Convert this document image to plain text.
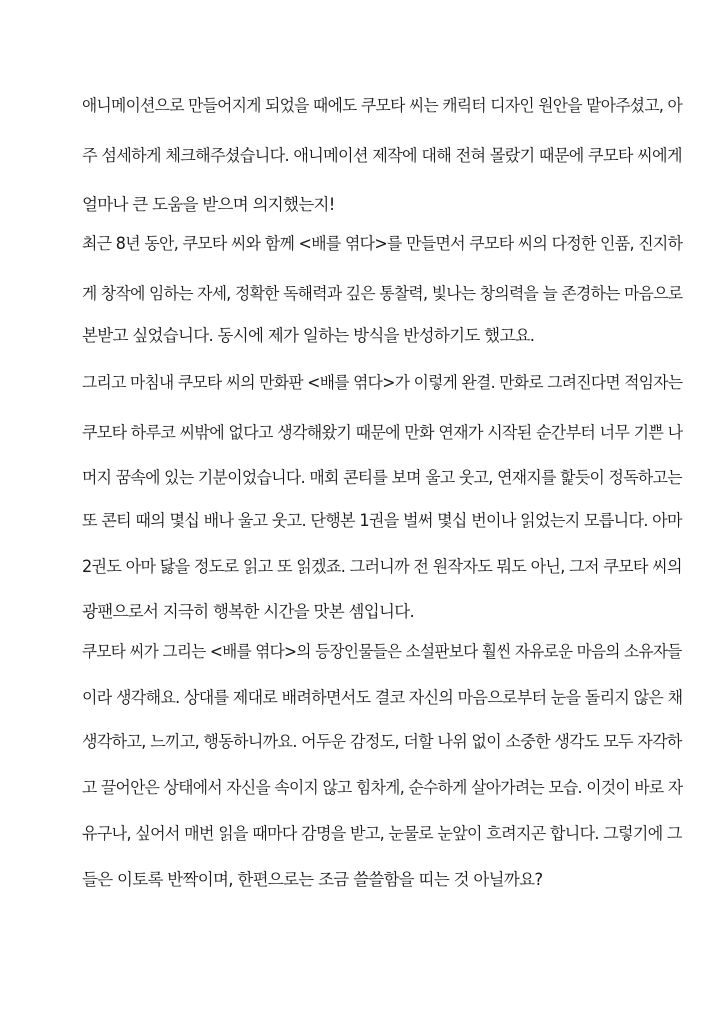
애니메이션으로 만들어지게 되었을 때에도 쿠모타 씨는 캐릭터 디자인 원안을 맡아주셨고, 아
주 섬세하게 체크해주셨습니다. 애니메이션 제작에 대해 전혀 몰랐기 때문에 쿠모타 씨에게
얼마나 큰 도움을 받으며 의지했는지!
최근 8년 동안, 쿠모타 씨와 함께 <배를 엮다>를 만들면서 쿠모타 씨의 다정한 인품, 진지하
게 창작에 임하는 자세, 정확한 독해력과 깊은 통찰력, 빛나는 창의력을 늘 존경하는 마음으로
본받고 싶었습니다. 동시에 제가 일하는 방식을 반성하기도 했고요.
그리고 마침내 쿠모타 씨의 만화판 <배를 엮다>가 이렇게 완결. 만화로 그려진다면 적임자는
쿠모타 하루코 씨밖에 없다고 생각해왔기 때문에 만화 연재가 시작된 순간부터 너무 기쁜 나
머지 꿈속에 있는 기분이었습니다. 매회 콘티를 보며 울고 웃고, 연재지를 핥듯이 정독하고는
또 콘티 때의 몇십 배나 울고 웃고. 단행본 1권을 벌써 몇십 번이나 읽었는지 모릅니다. 아마
2권도 아마 닳을 정도로 읽고 또 읽겠죠. 그러니까 전 원작자도 뭐도 아닌, 그저 쿠모타 씨의
광팬으로서 지극히 행복한 시간을 맛본 셈입니다.
쿠모타 씨가 그리는 <배를 엮다>의 등장인물들은 소설판보다 훨씬 자유로운 마음의 소유자들
이라 생각해요. 상대를 제대로 배려하면서도 결코 자신의 마음으로부터 눈을 돌리지 않은 채
생각하고, 느끼고, 행동하니까요. 어두운 감정도, 더할 나위 없이 소중한 생각도 모두 자각하
고 끌어안은 상태에서 자신을 속이지 않고 힘차게, 순수하게 살아가려는 모습. 이것이 바로 자
유구나, 싶어서 매번 읽을 때마다 감명을 받고, 눈물로 눈앞이 흐려지곤 합니다. 그렇기에 그
들은 이토록 반짝이며, 한편으로는 조금 쓸쓸함을 띠는 것 아닐까요?
